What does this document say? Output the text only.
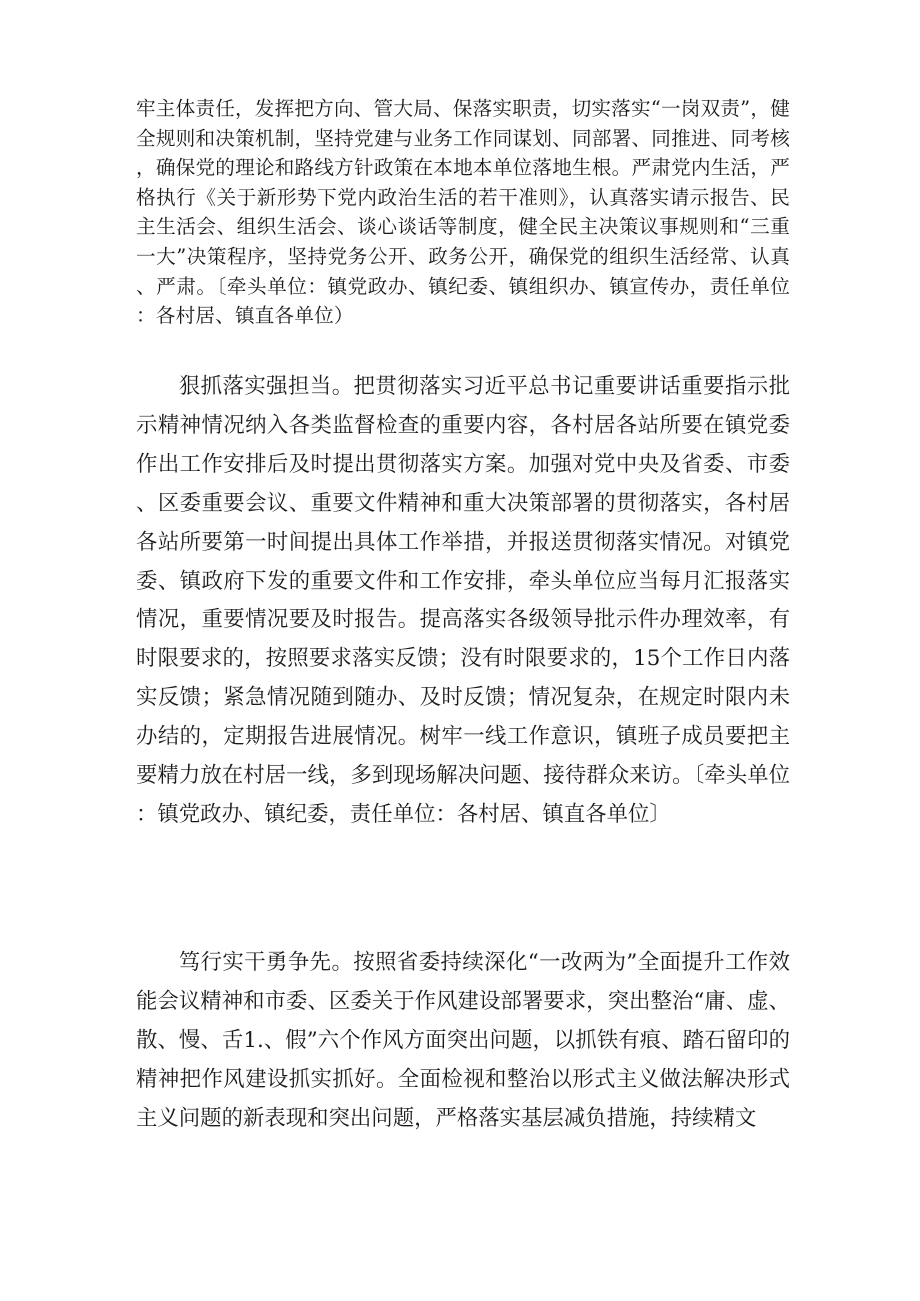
牢主体责任，发挥把方向、管大局、保落实职责，切实落实“一岗双责”，健全规则和决策机制，坚持党建与业务工作同谋划、同部署、同推进、同考核，确保党的理论和路线方针政策在本地本单位落地生根。严肃党内生活，严格执行《关于新形势下党内政治生活的若干准则》，认真落实请示报告、民主生活会、组织生活会、谈心谈话等制度，健全民主决策议事规则和“三重一大”决策程序，坚持党务公开、政务公开，确保党的组织生活经常、认真、严肃。〔牵头单位：镇党政办、镇纪委、镇组织办、镇宣传办，责任单位：各村居、镇直各单位）

狠抓落实强担当。把贯彻落实习近平总书记重要讲话重要指示批示精神情况纳入各类监督检查的重要内容，各村居各站所要在镇党委作出工作安排后及时提出贯彻落实方案。加强对党中央及省委、市委、区委重要会议、重要文件精神和重大决策部署的贯彻落实，各村居各站所要第一时间提出具体工作举措，并报送贯彻落实情况。对镇党委、镇政府下发的重要文件和工作安排，牵头单位应当每月汇报落实情况，重要情况要及时报告。提高落实各级领导批示件办理效率，有时限要求的，按照要求落实反馈；没有时限要求的，15个工作日内落实反馈；紧急情况随到随办、及时反馈；情况复杂，在规定时限内未办结的，定期报告进展情况。树牢一线工作意识，镇班子成员要把主要精力放在村居一线，多到现场解决问题、接待群众来访。〔牵头单位：镇党政办、镇纪委，责任单位：各村居、镇直各单位〕

笃行实干勇争先。按照省委持续深化“一改两为”全面提升工作效能会议精神和市委、区委关于作风建设部署要求，突出整治“庸、虚、散、慢、舌1.、假”六个作风方面突出问题，以抓铁有痕、踏石留印的精神把作风建设抓实抓好。全面检视和整治以形式主义做法解决形式主义问题的新表现和突出问题，严格落实基层减负措施，持续精文
